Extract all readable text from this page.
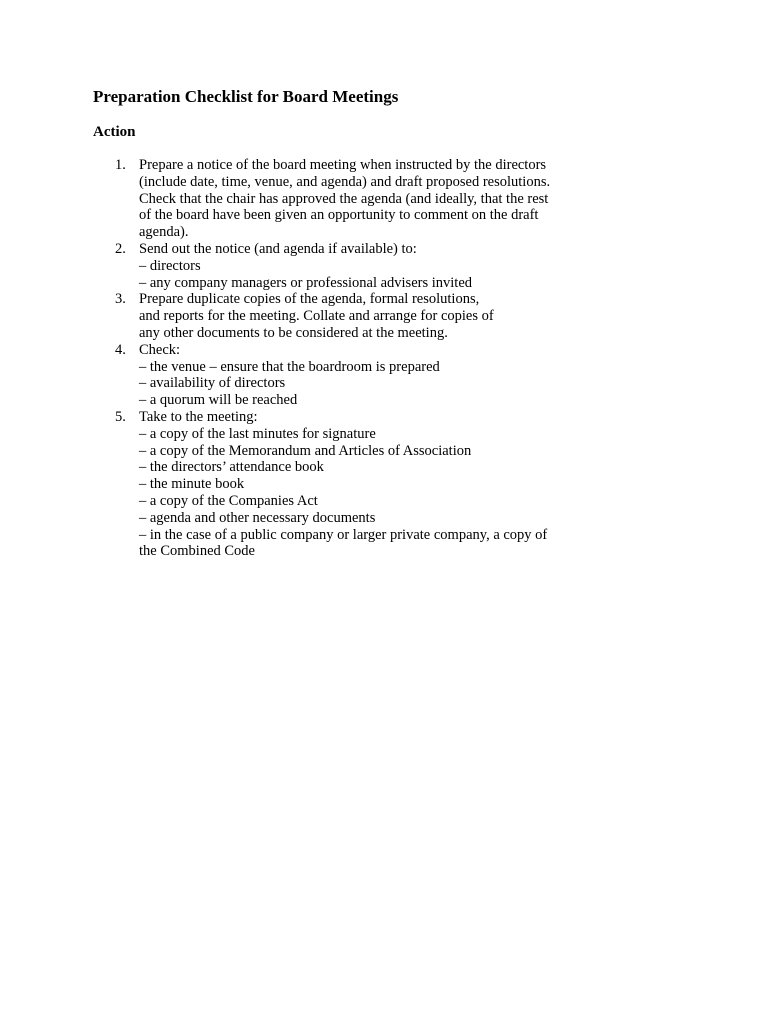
Preparation Checklist for Board Meetings
Action
1. Prepare a notice of the board meeting when instructed by the directors
(include date, time, venue, and agenda) and draft proposed resolutions.
Check that the chair has approved the agenda (and ideally, that the rest
of the board have been given an opportunity to comment on the draft
agenda).
2. Send out the notice (and agenda if available) to:
– directors
– any company managers or professional advisers invited
3. Prepare duplicate copies of the agenda, formal resolutions,
and reports for the meeting. Collate and arrange for copies of
any other documents to be considered at the meeting.
4. Check:
– the venue – ensure that the boardroom is prepared
– availability of directors
– a quorum will be reached
5. Take to the meeting:
– a copy of the last minutes for signature
– a copy of the Memorandum and Articles of Association
– the directors’ attendance book
– the minute book
– a copy of the Companies Act
– agenda and other necessary documents
– in the case of a public company or larger private company, a copy of
the Combined Code
